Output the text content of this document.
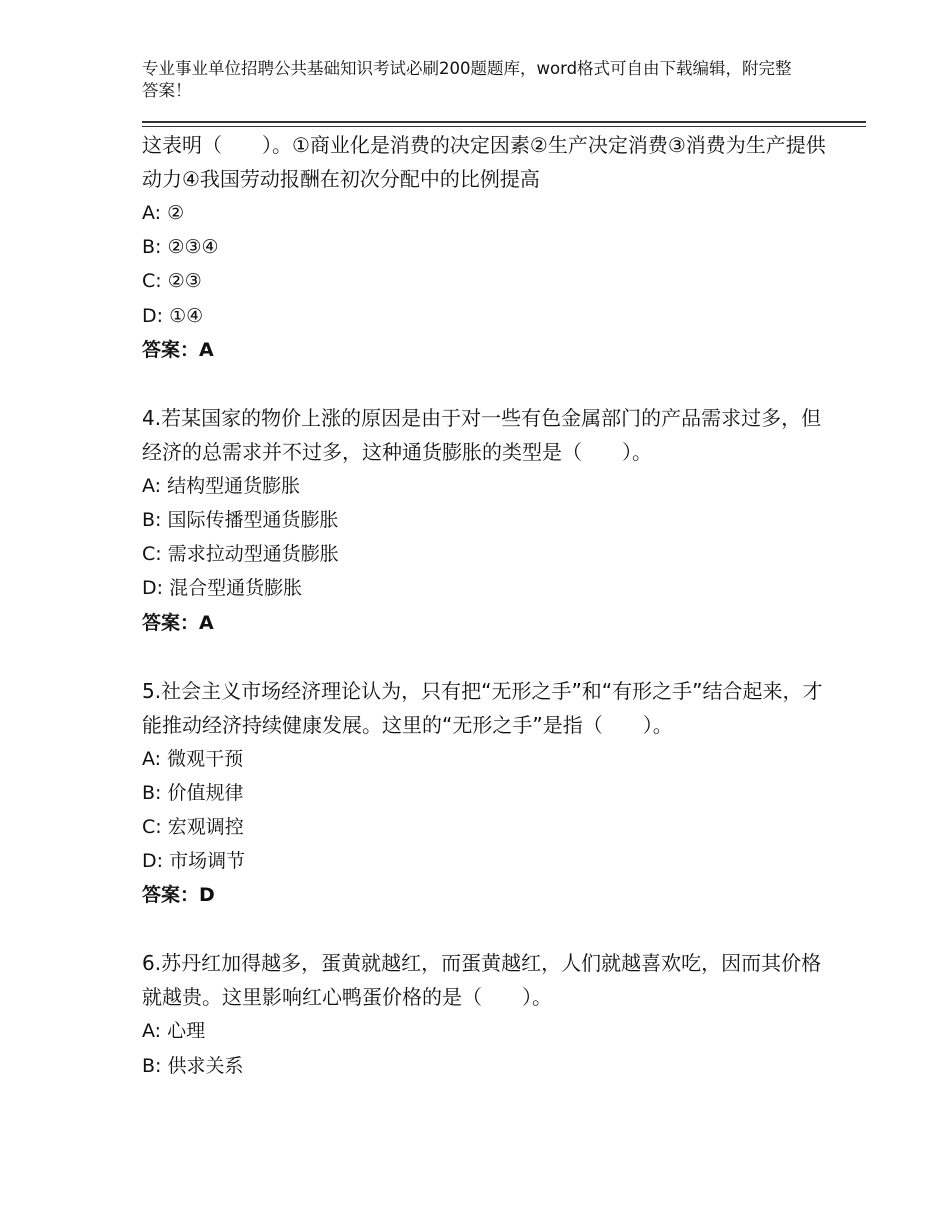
专业事业单位招聘公共基础知识考试必刷200题题库，word格式可自由下载编辑，附完整答案！
这表明（　　）。①商业化是消费的决定因素②生产决定消费③消费为生产提供动力④我国劳动报酬在初次分配中的比例提高
A: ②
B: ②③④
C: ②③
D: ①④
答案：A
4.若某国家的物价上涨的原因是由于对一些有色金属部门的产品需求过多，但经济的总需求并不过多，这种通货膨胀的类型是（　　）。
A: 结构型通货膨胀
B: 国际传播型通货膨胀
C: 需求拉动型通货膨胀
D: 混合型通货膨胀
答案：A
5.社会主义市场经济理论认为，只有把“无形之手”和“有形之手”结合起来，才能推动经济持续健康发展。这里的“无形之手”是指（　　）。
A: 微观干预
B: 价值规律
C: 宏观调控
D: 市场调节
答案：D
6.苏丹红加得越多，蛋黄就越红，而蛋黄越红，人们就越喜欢吃，因而其价格就越贵。这里影响红心鸭蛋价格的是（　　）。
A: 心理
B: 供求关系
